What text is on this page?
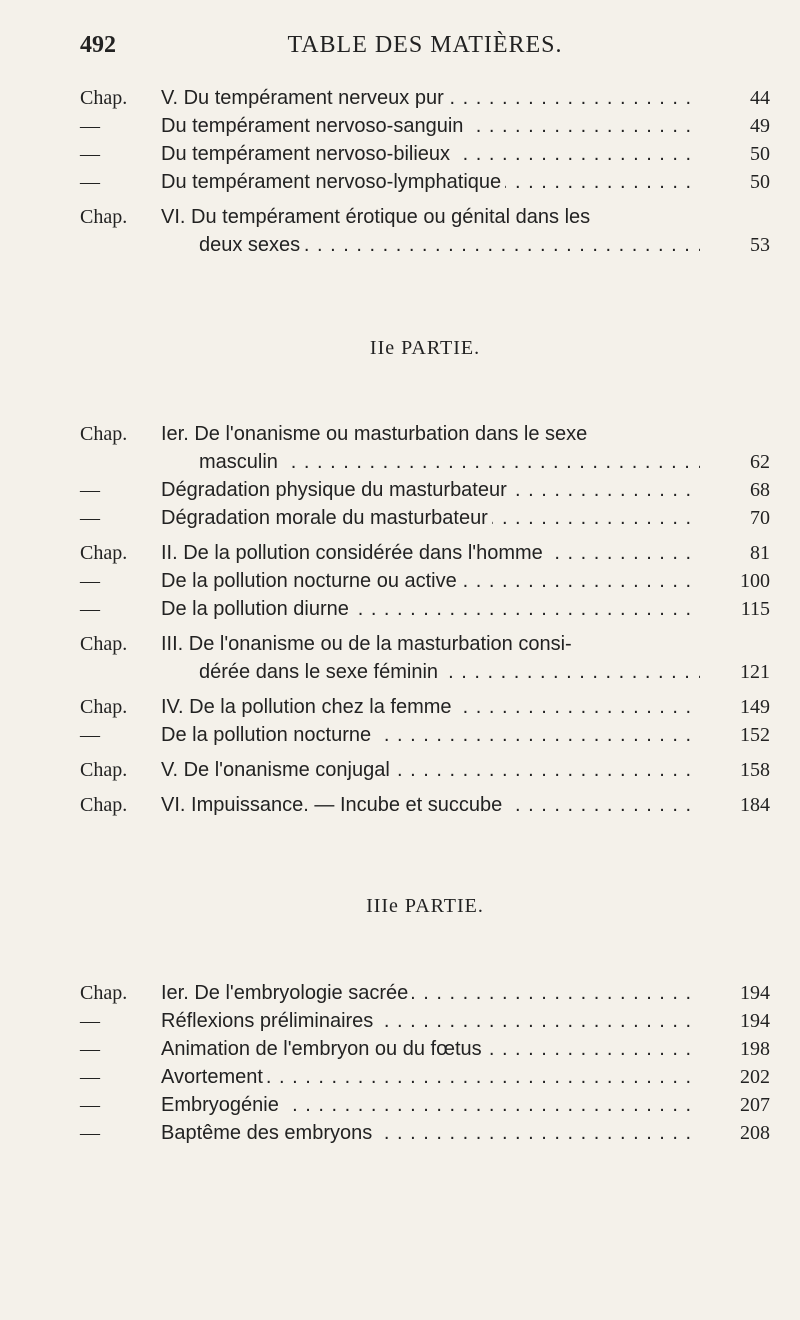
492	TABLE DES MATIÈRES.
Chap. V. Du tempérament nerveux pur . . .	44
—	Du tempérament nervoso-sanguin . . .	49
—	Du tempérament nervoso-bilieux . . .	50
—	Du tempérament nervoso-lymphatique . . .	50
Chap. VI. Du tempérament érotique ou génital dans les
deux sexes . . .	53
IIe PARTIE.
Chap. Ier. De l'onanisme ou masturbation dans le sexe
masculin . . .	62
—	Dégradation physique du masturbateur . . .	68
—	Dégradation morale du masturbateur . . .	70
Chap. II. De la pollution considérée dans l'homme . . .	81
—	De la pollution nocturne ou active . . .	100
—	De la pollution diurne . . .	115
Chap. III. De l'onanisme ou de la masturbation consi-
dérée dans le sexe féminin . . .	121
Chap. IV. De la pollution chez la femme . . .	149
—	De la pollution nocturne . . .	152
Chap. V. De l'onanisme conjugal . . .	158
Chap. VI. Impuissance. — Incube et succube . . .	184
IIIe PARTIE.
Chap. Ier. De l'embryologie sacrée . . .	194
—	Réflexions préliminaires . . .	194
—	Animation de l'embryon ou du fœtus . . .	198
—	Avortement . . .	202
—	Embryogénie . . .	207
—	Baptême des embryons . . .	208
